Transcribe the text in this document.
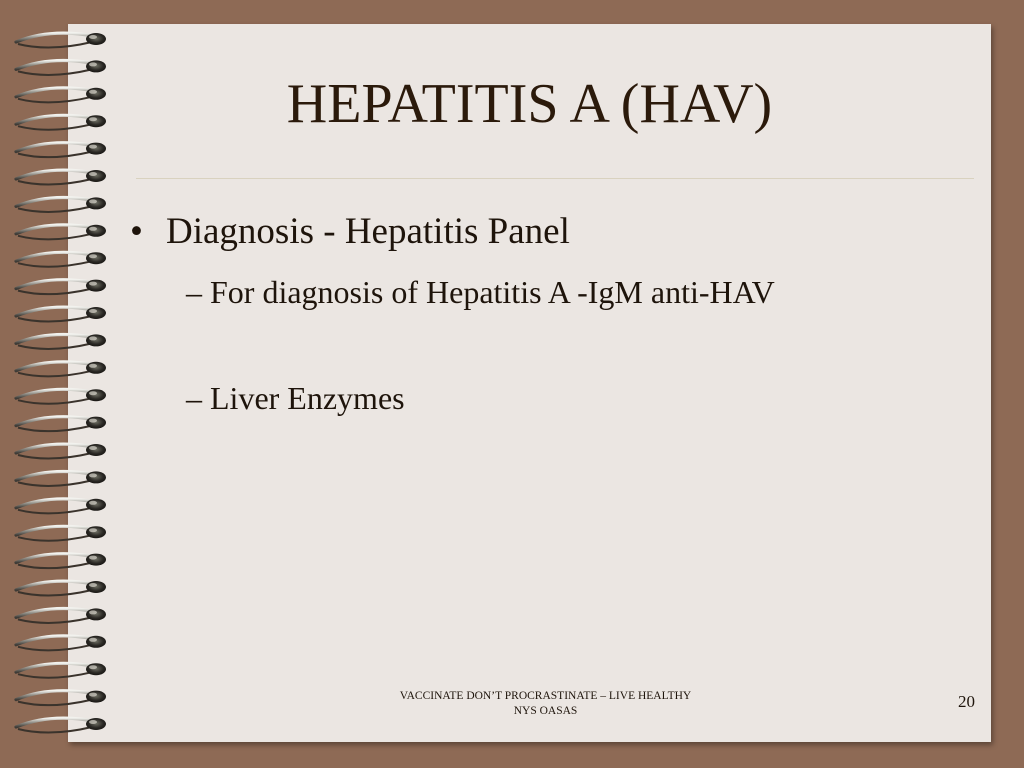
HEPATITIS A (HAV)
• Diagnosis - Hepatitis Panel
– For diagnosis of Hepatitis A -IgM anti-HAV
– Liver Enzymes
VACCINATE DON’T PROCRASTINATE – LIVE HEALTHY
NYS OASAS	20
